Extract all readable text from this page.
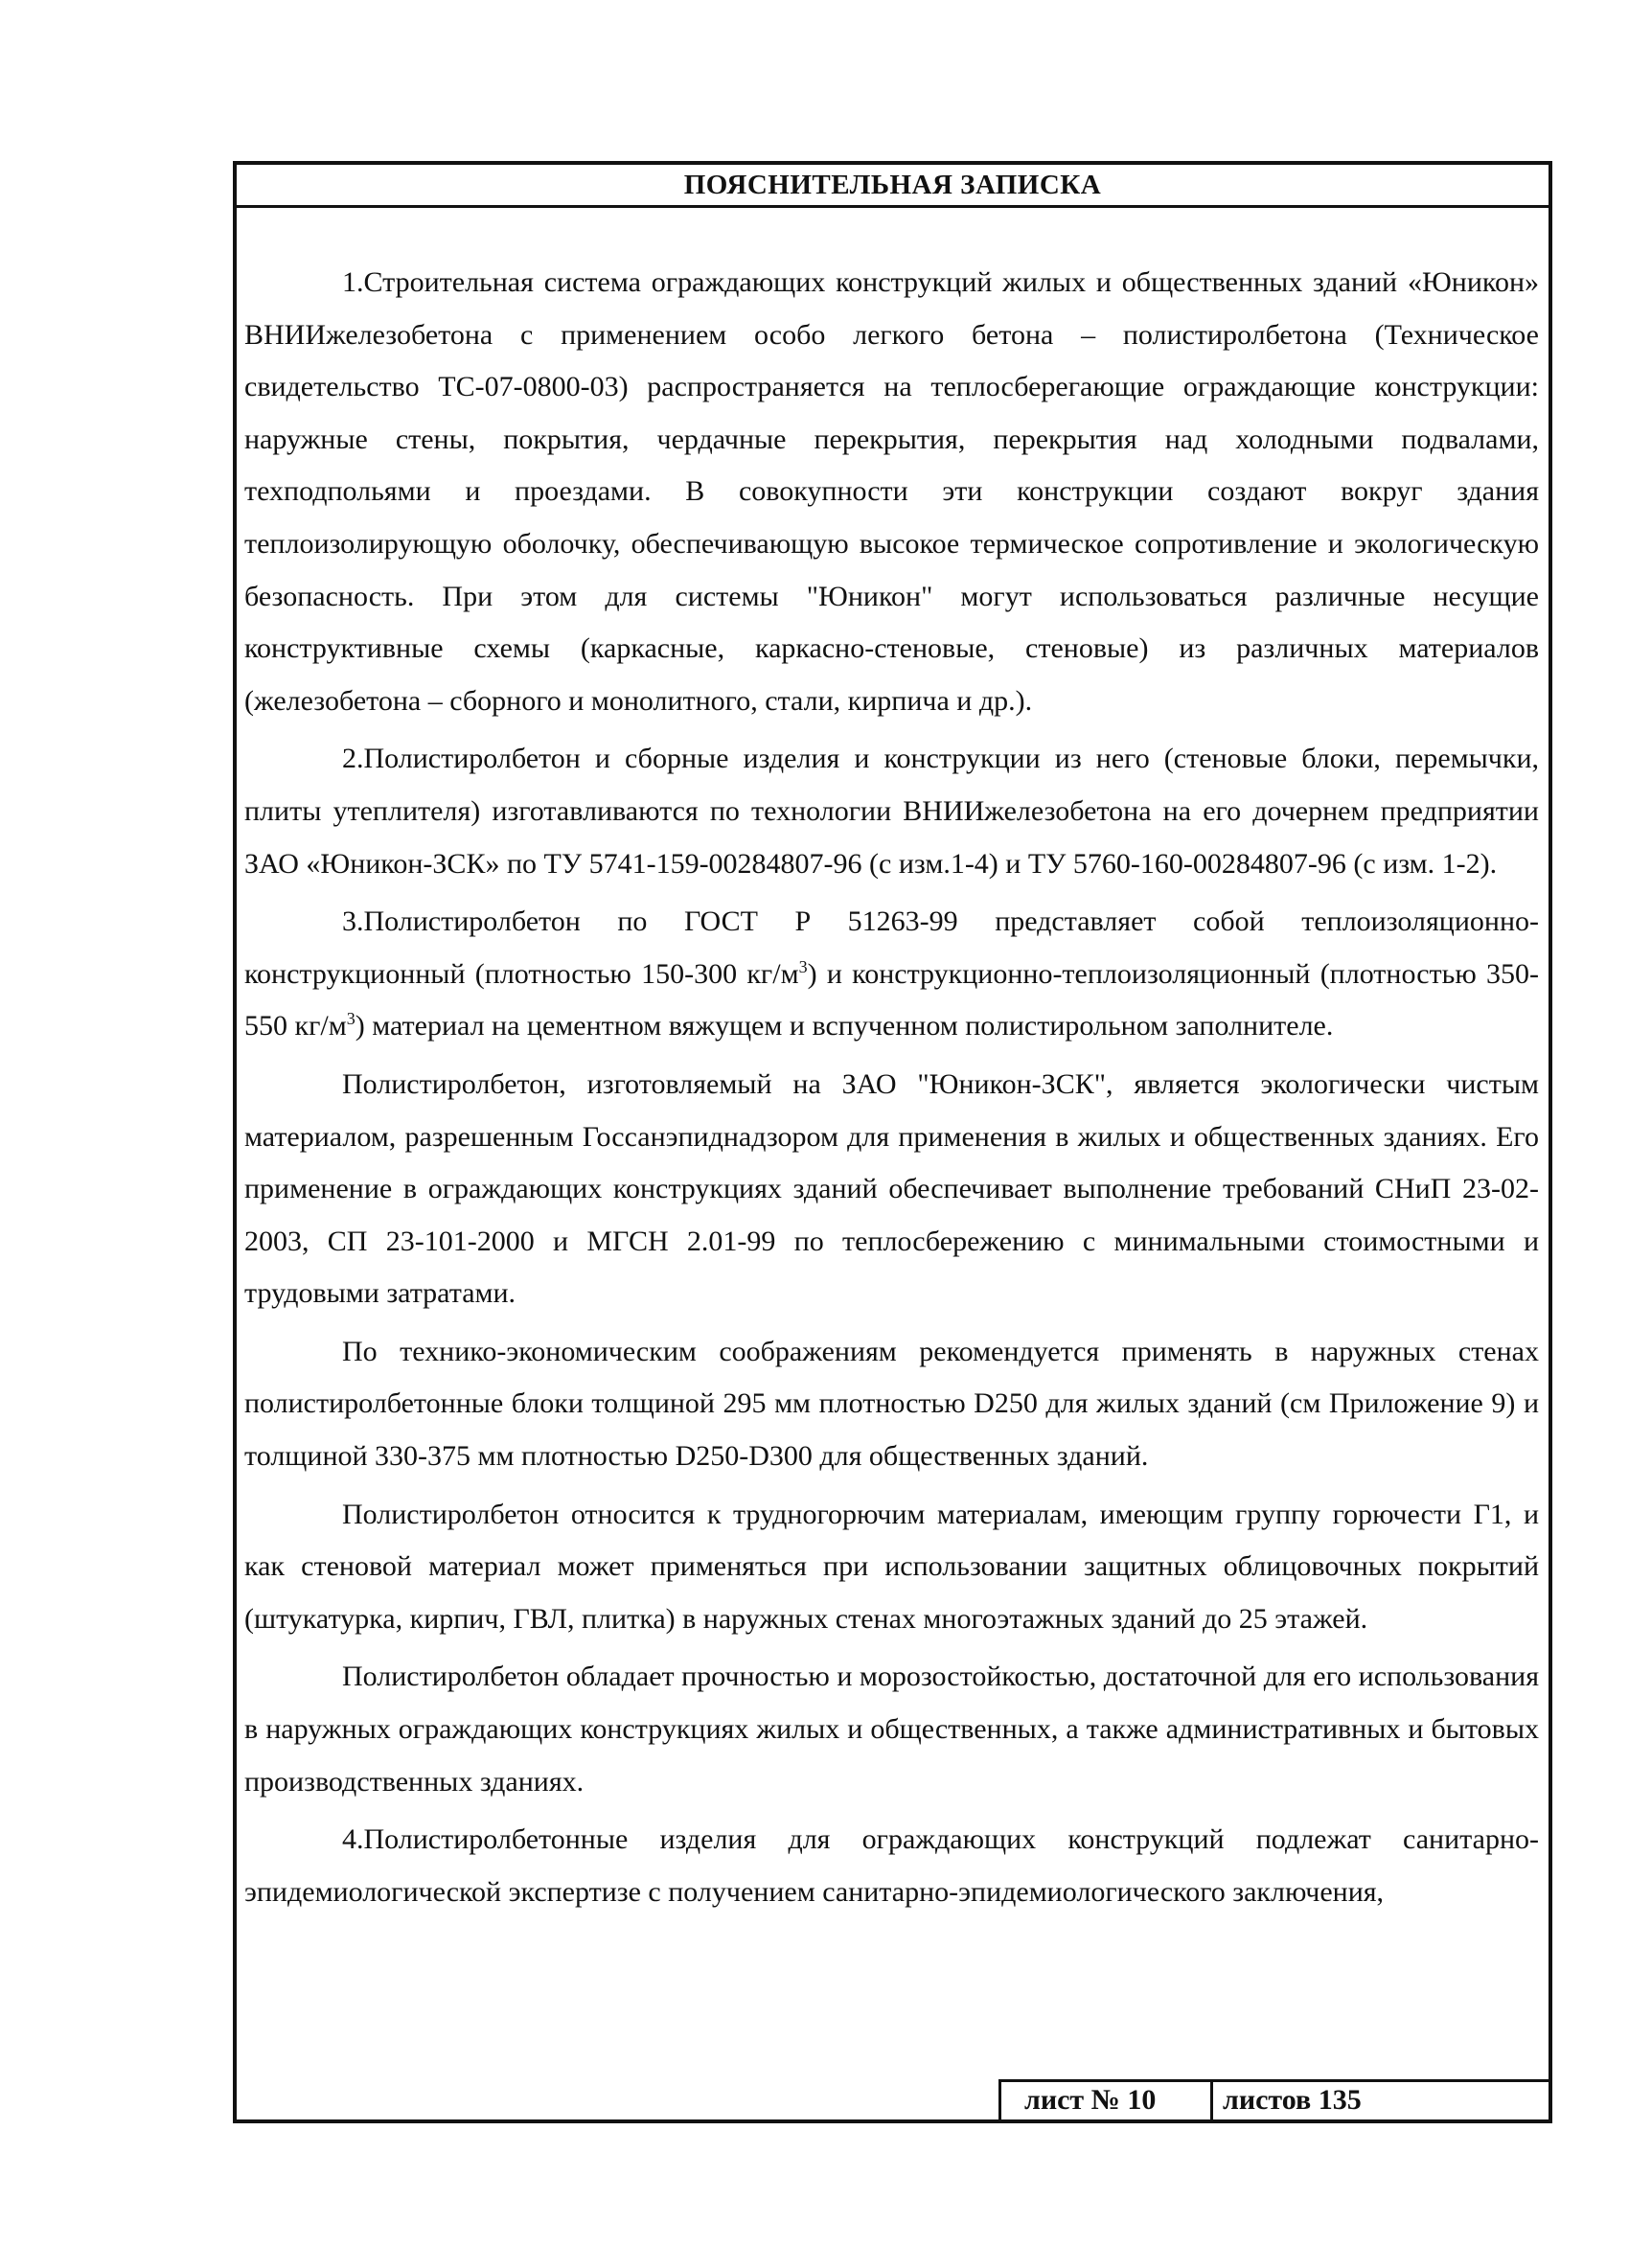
ПОЯСНИТЕЛЬНАЯ ЗАПИСКА

1.Строительная система ограждающих конструкций жилых и общественных зданий «Юникон» ВНИИжелезобетона с применением особо легкого бетона – полистиролбетона (Техническое свидетельство ТС-07-0800-03) распространяется на теплосберегающие ограждающие конструкции: наружные стены, покрытия, чердачные перекрытия, перекрытия над холодными подвалами, техподпольями и проездами. В совокупности эти конструкции создают вокруг здания теплоизолирующую оболочку, обеспечивающую высокое термическое сопротивление и экологическую безопасность. При этом для системы "Юникон" могут использоваться различные несущие конструктивные схемы (каркасные, каркасно-стеновые, стеновые) из различных материалов (железобетона – сборного и монолитного, стали, кирпича и др.).

2.Полистиролбетон и сборные изделия и конструкции из него (стеновые блоки, перемычки, плиты утеплителя) изготавливаются по технологии ВНИИжелезобетона на его дочернем предприятии ЗАО «Юникон-ЗСК» по ТУ 5741-159-00284807-96 (с изм.1-4) и ТУ 5760-160-00284807-96 (с изм. 1-2).

3.Полистиролбетон по ГОСТ Р 51263-99 представляет собой теплоизоляционно-конструкционный (плотностью 150-300 $кг/м^3$) и конструкционно-теплоизоляционный (плотностью 350-550 $кг/м^3$) материал на цементном вяжущем и вспученном полистирольном заполнителе.

Полистиролбетон, изготовляемый на ЗАО "Юникон-ЗСК", является экологически чистым материалом, разрешенным Госсанэпиднадзором для применения в жилых и общественных зданиях. Его применение в ограждающих конструкциях зданий обеспечивает выполнение требований СНиП 23-02-2003, СП 23-101-2000 и МГСН 2.01-99 по теплосбережению с минимальными стоимостными и трудовыми затратами.

По технико-экономическим соображениям рекомендуется применять в наружных стенах полистиролбетонные блоки толщиной 295 мм плотностью D250 для жилых зданий (см Приложение 9) и толщиной 330-375 мм плотностью D250-D300 для общественных зданий.

Полистиролбетон относится к трудногорючим материалам, имеющим группу горючести Г1, и как стеновой материал может применяться при использовании защитных облицовочных покрытий (штукатурка, кирпич, ГВЛ, плитка) в наружных стенах многоэтажных зданий до 25 этажей.

Полистиролбетон обладает прочностью и морозостойкостью, достаточной для его использования в наружных ограждающих конструкциях жилых и общественных, а также административных и бытовых производственных зданиях.

4.Полистиролбетонные изделия для ограждающих конструкций подлежат санитарно-эпидемиологической экспертизе с получением санитарно-эпидемиологического заключения,

лист № 10	листов 135
